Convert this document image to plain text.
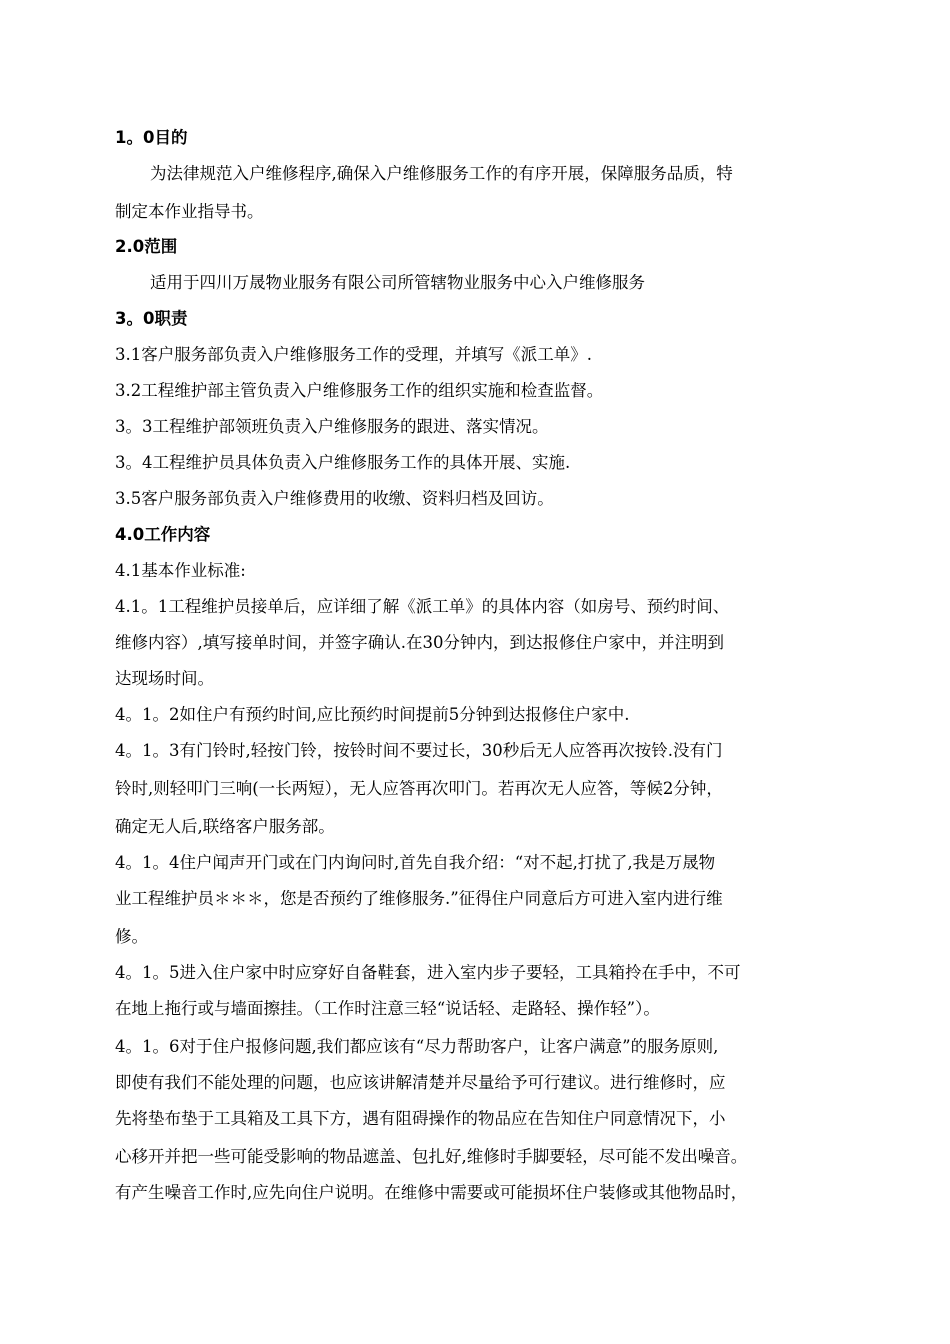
1。0目的
为法律规范入户维修程序,确保入户维修服务工作的有序开展，保障服务品质，特
制定本作业指导书。
2.0范围
适用于四川万晟物业服务有限公司所管辖物业服务中心入户维修服务
3。0职责
3.1客户服务部负责入户维修服务工作的受理，并填写《派工单》.
3.2工程维护部主管负责入户维修服务工作的组织实施和检查监督。
3。3工程维护部领班负责入户维修服务的跟进、落实情况。
3。4工程维护员具体负责入户维修服务工作的具体开展、实施.
3.5客户服务部负责入户维修费用的收缴、资料归档及回访。
4.0工作内容
4.1基本作业标准:
4.1。1工程维护员接单后，应详细了解《派工单》的具体内容（如房号、预约时间、
维修内容）,填写接单时间，并签字确认.在30分钟内，到达报修住户家中，并注明到
达现场时间。
4。1。2如住户有预约时间,应比预约时间提前5分钟到达报修住户家中.
4。1。3有门铃时,轻按门铃，按铃时间不要过长，30秒后无人应答再次按铃.没有门
铃时,则轻叩门三响(一长两短），无人应答再次叩门。若再次无人应答，等候2分钟，
确定无人后,联络客户服务部。
4。1。4住户闻声开门或在门内询问时,首先自我介绍：“对不起,打扰了,我是万晟物
业工程维护员＊＊＊，您是否预约了维修服务.”征得住户同意后方可进入室内进行维
修。
4。1。5进入住户家中时应穿好自备鞋套，进入室内步子要轻，工具箱拎在手中，不可
在地上拖行或与墙面擦挂。（工作时注意三轻“说话轻、走路轻、操作轻”）。
4。1。6对于住户报修问题,我们都应该有“尽力帮助客户，让客户满意”的服务原则,
即使有我们不能处理的问题，也应该讲解清楚并尽量给予可行建议。进行维修时，应
先将垫布垫于工具箱及工具下方，遇有阻碍操作的物品应在告知住户同意情况下，小
心移开并把一些可能受影响的物品遮盖、包扎好,维修时手脚要轻，尽可能不发出噪音。
有产生噪音工作时,应先向住户说明。在维修中需要或可能损坏住户装修或其他物品时，
